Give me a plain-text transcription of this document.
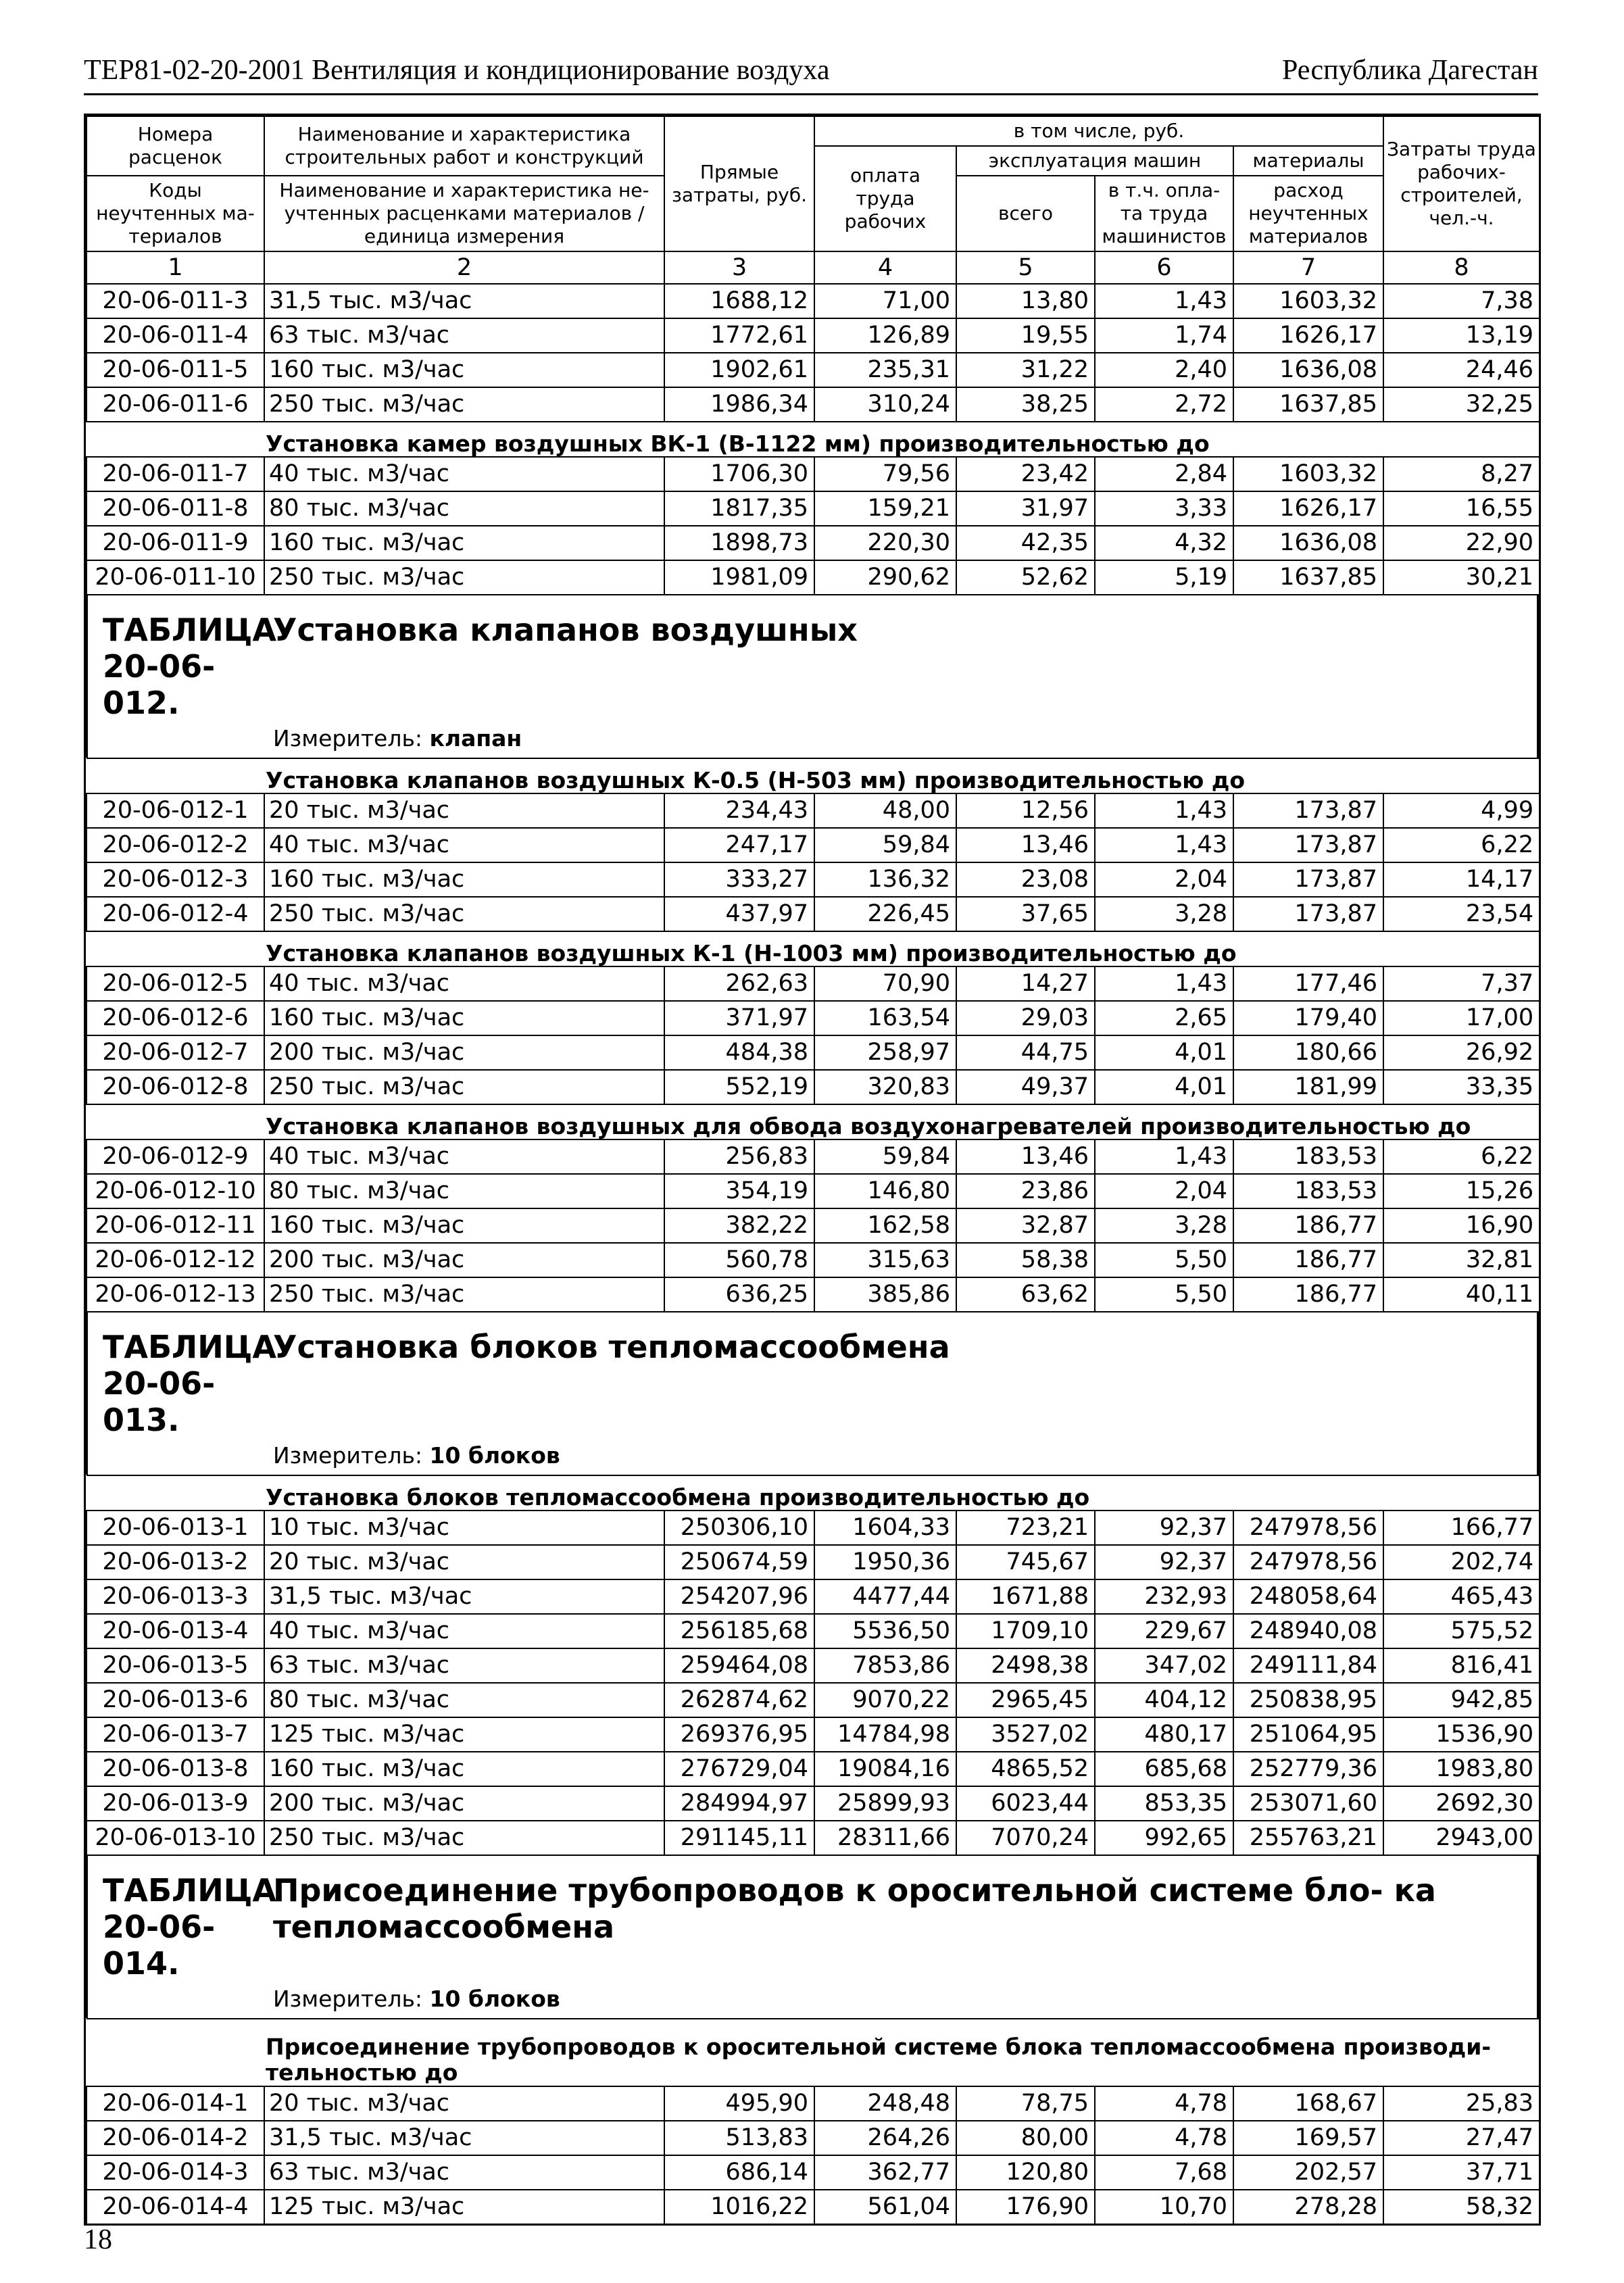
ТЕР81-02-20-2001 Вентиляция и кондиционирование воздуха	Республика Дагестан
Номера расценок	Наименование и характеристика строительных работ и конструкций	Прямые затраты, руб.	в том числе, руб.				Затраты труда рабочих- строителей, чел.-ч.
			оплата труда рабочих	эксплуатация машин		материалы	
Коды неучтенных ма- териалов	Наименование и характеристика не- учтенных расценками материалов / единица измерения			всего	в т.ч. опла- та труда машинистов	расход неучтенных материалов	

1	2	3	4	5	6	7	8
20-06-011-3	31,5 тыс. м3/час	1688,12	71,00	13,80	1,43	1603,32	7,38
20-06-011-4	63 тыс. м3/час	1772,61	126,89	19,55	1,74	1626,17	13,19
20-06-011-5	160 тыс. м3/час	1902,61	235,31	31,22	2,40	1636,08	24,46
20-06-011-6	250 тыс. м3/час	1986,34	310,24	38,25	2,72	1637,85	32,25
Установка камер воздушных ВК-1 (В-1122 мм) производительностью до							
20-06-011-7	40 тыс. м3/час	1706,30	79,56	23,42	2,84	1603,32	8,27
20-06-011-8	80 тыс. м3/час	1817,35	159,21	31,97	3,33	1626,17	16,55
20-06-011-9	160 тыс. м3/час	1898,73	220,30	42,35	4,32	1636,08	22,90
20-06-011-10	250 тыс. м3/час	1981,09	290,62	52,62	5,19	1637,85	30,21
ТАБЛИЦА 20-06-012.
Установка клапанов воздушных
Измеритель: клапан
Установка клапанов воздушных К-0.5 (Н-503 мм) производительностью до							
20-06-012-1	20 тыс. м3/час	234,43	48,00	12,56	1,43	173,87	4,99
20-06-012-2	40 тыс. м3/час	247,17	59,84	13,46	1,43	173,87	6,22
20-06-012-3	160 тыс. м3/час	333,27	136,32	23,08	2,04	173,87	14,17
20-06-012-4	250 тыс. м3/час	437,97	226,45	37,65	3,28	173,87	23,54
Установка клапанов воздушных К-1 (Н-1003 мм) производительностью до							
20-06-012-5	40 тыс. м3/час	262,63	70,90	14,27	1,43	177,46	7,37
20-06-012-6	160 тыс. м3/час	371,97	163,54	29,03	2,65	179,40	17,00
20-06-012-7	200 тыс. м3/час	484,38	258,97	44,75	4,01	180,66	26,92
20-06-012-8	250 тыс. м3/час	552,19	320,83	49,37	4,01	181,99	33,35
Установка клапанов воздушных для обвода воздухонагревателей производительностью до							
20-06-012-9	40 тыс. м3/час	256,83	59,84	13,46	1,43	183,53	6,22
20-06-012-10	80 тыс. м3/час	354,19	146,80	23,86	2,04	183,53	15,26
20-06-012-11	160 тыс. м3/час	382,22	162,58	32,87	3,28	186,77	16,90
20-06-012-12	200 тыс. м3/час	560,78	315,63	58,38	5,50	186,77	32,81
20-06-012-13	250 тыс. м3/час	636,25	385,86	63,62	5,50	186,77	40,11
ТАБЛИЦА 20-06-013.
Установка блоков тепломассообмена
Измеритель: 10 блоков
Установка блоков тепломассообмена производительностью до							
20-06-013-1	10 тыс. м3/час	250306,10	1604,33	723,21	92,37	247978,56	166,77
20-06-013-2	20 тыс. м3/час	250674,59	1950,36	745,67	92,37	247978,56	202,74
20-06-013-3	31,5 тыс. м3/час	254207,96	4477,44	1671,88	232,93	248058,64	465,43
20-06-013-4	40 тыс. м3/час	256185,68	5536,50	1709,10	229,67	248940,08	575,52
20-06-013-5	63 тыс. м3/час	259464,08	7853,86	2498,38	347,02	249111,84	816,41
20-06-013-6	80 тыс. м3/час	262874,62	9070,22	2965,45	404,12	250838,95	942,85
20-06-013-7	125 тыс. м3/час	269376,95	14784,98	3527,02	480,17	251064,95	1536,90
20-06-013-8	160 тыс. м3/час	276729,04	19084,16	4865,52	685,68	252779,36	1983,80
20-06-013-9	200 тыс. м3/час	284994,97	25899,93	6023,44	853,35	253071,60	2692,30
20-06-013-10	250 тыс. м3/час	291145,11	28311,66	7070,24	992,65	255763,21	2943,00
ТАБЛИЦА 20-06-014.
Присоединение трубопроводов к оросительной системе бло- ка тепломассообмена
Измеритель: 10 блоков
Присоединение трубопроводов к оросительной системе блока тепломассообмена производи- тельностью до							
20-06-014-1	20 тыс. м3/час	495,90	248,48	78,75	4,78	168,67	25,83
20-06-014-2	31,5 тыс. м3/час	513,83	264,26	80,00	4,78	169,57	27,47
20-06-014-3	63 тыс. м3/час	686,14	362,77	120,80	7,68	202,57	37,71
20-06-014-4	125 тыс. м3/час	1016,22	561,04	176,90	10,70	278,28	58,32
18
